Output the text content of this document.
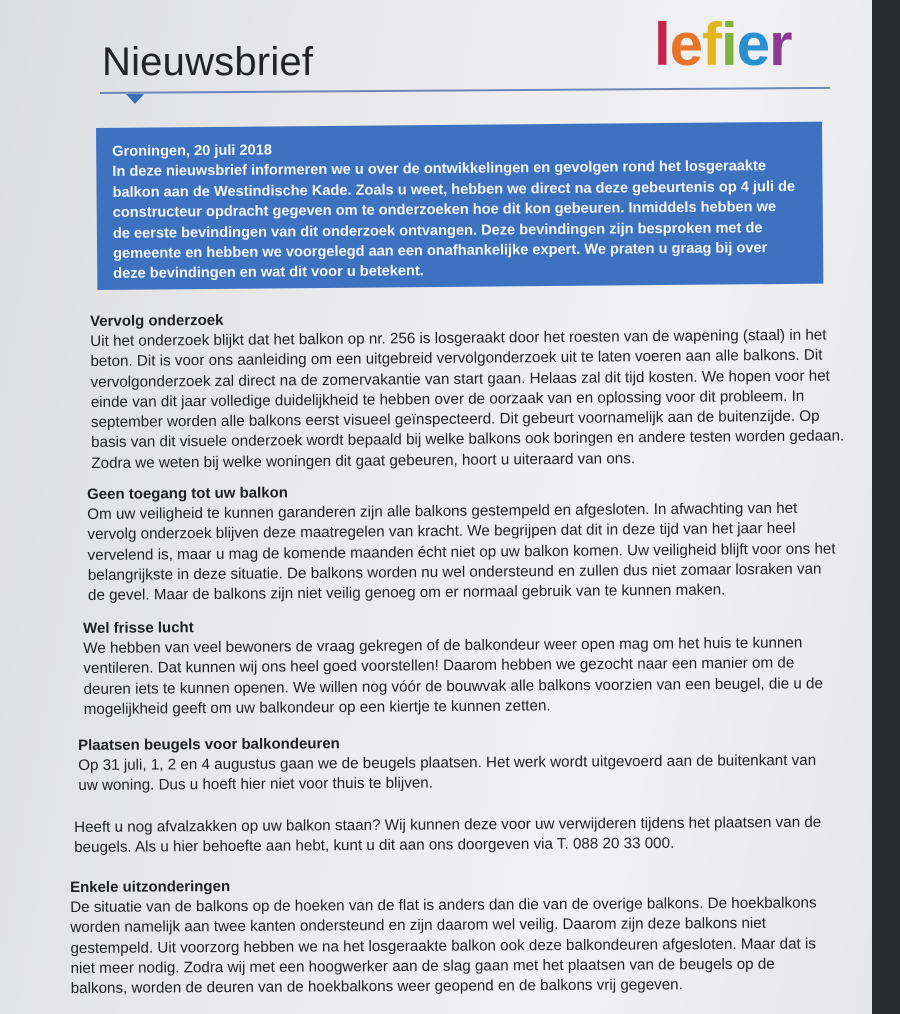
Nieuwsbrief	lefier
Groningen, 20 juli 2018
In deze nieuwsbrief informeren we u over de ontwikkelingen en gevolgen rond het losgeraakte
balkon aan de Westindische Kade. Zoals u weet, hebben we direct na deze gebeurtenis op 4 juli de
constructeur opdracht gegeven om te onderzoeken hoe dit kon gebeuren. Inmiddels hebben we
de eerste bevindingen van dit onderzoek ontvangen. Deze bevindingen zijn besproken met de
gemeente en hebben we voorgelegd aan een onafhankelijke expert. We praten u graag bij over
deze bevindingen en wat dit voor u betekent.
Vervolg onderzoek
Uit het onderzoek blijkt dat het balkon op nr. 256 is losgeraakt door het roesten van de wapening (staal) in het
beton. Dit is voor ons aanleiding om een uitgebreid vervolgonderzoek uit te laten voeren aan alle balkons. Dit
vervolgonderzoek zal direct na de zomervakantie van start gaan. Helaas zal dit tijd kosten. We hopen voor het
einde van dit jaar volledige duidelijkheid te hebben over de oorzaak van en oplossing voor dit probleem. In
september worden alle balkons eerst visueel geïnspecteerd. Dit gebeurt voornamelijk aan de buitenzijde. Op
basis van dit visuele onderzoek wordt bepaald bij welke balkons ook boringen en andere testen worden gedaan.
Zodra we weten bij welke woningen dit gaat gebeuren, hoort u uiteraard van ons.
Geen toegang tot uw balkon
Om uw veiligheid te kunnen garanderen zijn alle balkons gestempeld en afgesloten. In afwachting van het
vervolg onderzoek blijven deze maatregelen van kracht. We begrijpen dat dit in deze tijd van het jaar heel
vervelend is, maar u mag de komende maanden écht niet op uw balkon komen. Uw veiligheid blijft voor ons het
belangrijkste in deze situatie. De balkons worden nu wel ondersteund en zullen dus niet zomaar losraken van
de gevel. Maar de balkons zijn niet veilig genoeg om er normaal gebruik van te kunnen maken.
Wel frisse lucht
We hebben van veel bewoners de vraag gekregen of de balkondeur weer open mag om het huis te kunnen
ventileren. Dat kunnen wij ons heel goed voorstellen! Daarom hebben we gezocht naar een manier om de
deuren iets te kunnen openen. We willen nog vóór de bouwvak alle balkons voorzien van een beugel, die u de
mogelijkheid geeft om uw balkondeur op een kiertje te kunnen zetten.
Plaatsen beugels voor balkondeuren
Op 31 juli, 1, 2 en 4 augustus gaan we de beugels plaatsen. Het werk wordt uitgevoerd aan de buitenkant van
uw woning. Dus u hoeft hier niet voor thuis te blijven.
Heeft u nog afvalzakken op uw balkon staan? Wij kunnen deze voor uw verwijderen tijdens het plaatsen van de
beugels. Als u hier behoefte aan hebt, kunt u dit aan ons doorgeven via T. 088 20 33 000.
Enkele uitzonderingen
De situatie van de balkons op de hoeken van de flat is anders dan die van de overige balkons. De hoekbalkons
worden namelijk aan twee kanten ondersteund en zijn daarom wel veilig. Daarom zijn deze balkons niet
gestempeld. Uit voorzorg hebben we na het losgeraakte balkon ook deze balkondeuren afgesloten. Maar dat is
niet meer nodig. Zodra wij met een hoogwerker aan de slag gaan met het plaatsen van de beugels op de
balkons, worden de deuren van de hoekbalkons weer geopend en de balkons vrij gegeven.
